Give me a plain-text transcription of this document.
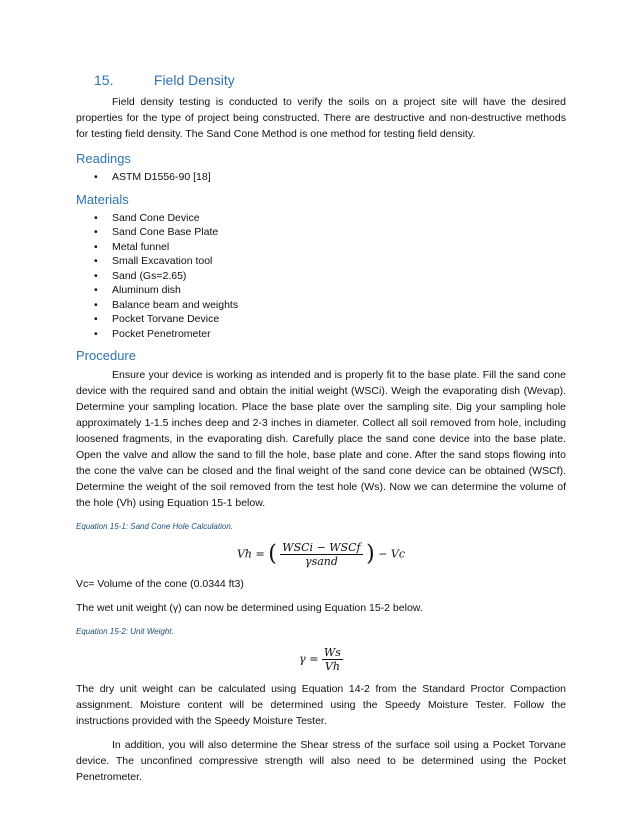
15.	Field Density

Field density testing is conducted to verify the soils on a project site will have the desired properties for the type of project being constructed. There are destructive and non-destructive methods for testing field density. The Sand Cone Method is one method for testing field density.

Readings
• ASTM D1556-90 [18]
Materials
• Sand Cone Device
• Sand Cone Base Plate
• Metal funnel
• Small Excavation tool
• Sand (Gs=2.65)
• Aluminum dish
• Balance beam and weights
• Pocket Torvane Device
• Pocket Penetrometer
Procedure

Ensure your device is working as intended and is properly fit to the base plate. Fill the sand cone device with the required sand and obtain the initial weight (WSCi). Weigh the evaporating dish (Wevap). Determine your sampling location. Place the base plate over the sampling site. Dig your sampling hole approximately 1-1.5 inches deep and 2-3 inches in diameter. Collect all soil removed from hole, including loosened fragments, in the evaporating dish. Carefully place the sand cone device into the base plate. Open the valve and allow the sand to fill the hole, base plate and cone. After the sand stops flowing into the cone the valve can be closed and the final weight of the sand cone device can be obtained (WSCf). Determine the weight of the soil removed from the test hole (Ws). Now we can determine the volume of the hole (Vh) using Equation 15-1 below.

Equation 15-1: Sand Cone Hole Calculation.
Vh = ( $\frac{\text{WSCi − WSCf}}{\text{γsand}}$ ) − Vc

Vc= Volume of the cone (0.0344 ft3)

The wet unit weight (γ) can now be determined using Equation 15-2 below.

Equation 15-2: Unit Weight.
$\gamma = \frac{Ws}{Vh}$

The dry unit weight can be calculated using Equation 14-2 from the Standard Proctor Compaction assignment. Moisture content will be determined using the Speedy Moisture Tester. Follow the instructions provided with the Speedy Moisture Tester.

In addition, you will also determine the Shear stress of the surface soil using a Pocket Torvane device. The unconfined compressive strength will also need to be determined using the Pocket Penetrometer.
